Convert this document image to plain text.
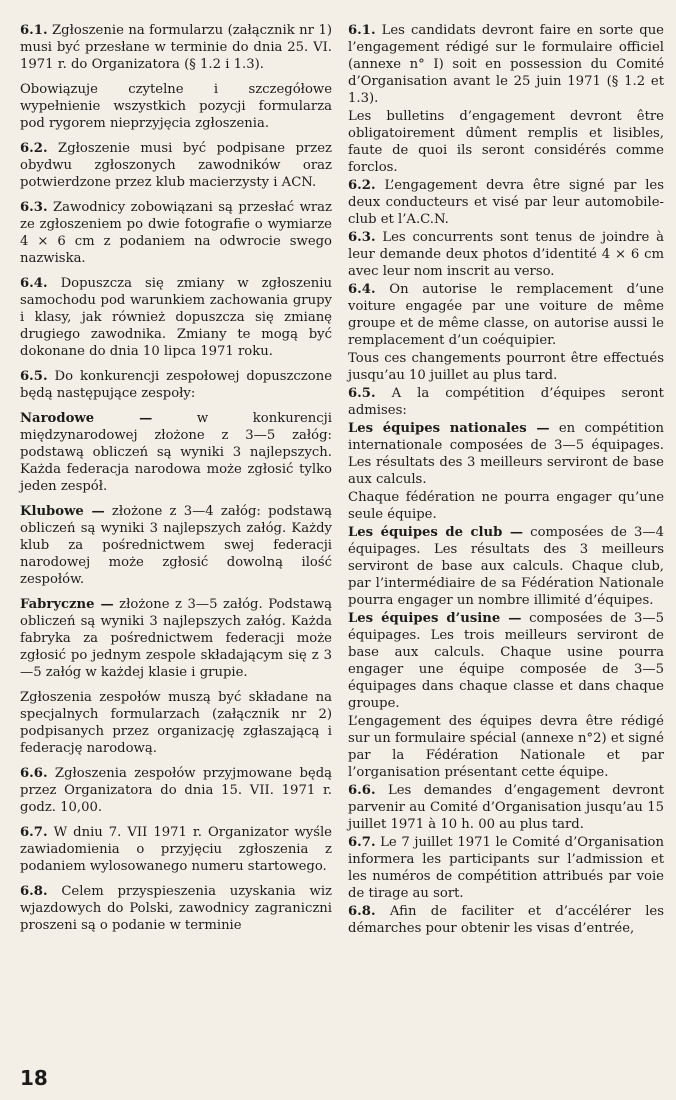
6.1. Zgłoszenie na formularzu (załącznik nr 1) musi być przesłane w terminie do dnia 25. VI. 1971 r. do Organizatora (§ 1.2 i 1.3).

Obowiązuje czytelne i szczegółowe wypełnienie wszystkich pozycji formularza pod rygorem nieprzyjęcia zgłoszenia.

6.2. Zgłoszenie musi być podpisane przez obydwu zgłoszonych zawodników oraz potwierdzone przez klub macierzysty i ACN.

6.3. Zawodnicy zobowiązani są przesłać wraz ze zgłoszeniem po dwie fotografie o wymiarze 4 × 6 cm z podaniem na odwrocie swego nazwiska.

6.4. Dopuszcza się zmiany w zgłoszeniu samochodu pod warunkiem zachowania grupy i klasy, jak również dopuszcza się zmianę drugiego zawodnika. Zmiany te mogą być dokonane do dnia 10 lipca 1971 roku.

6.5. Do konkurencji zespołowej dopuszczone będą następujące zespoły:

Narodowe — w konkurencji międzynarodowej złożone z 3—5 załóg: podstawą obliczeń są wyniki 3 najlepszych. Każda federacja narodowa może zgłosić tylko jeden zespół.

Klubowe — złożone z 3—4 załóg: podstawą obliczeń są wyniki 3 najlepszych załóg. Każdy klub za pośrednictwem swej federacji narodowej może zgłosić dowolną ilość zespołów.

Fabryczne — złożone z 3—5 załóg. Podstawą obliczeń są wyniki 3 najlepszych załóg. Każda fabryka za pośrednictwem federacji może zgłosić po jednym zespole składającym się z 3—5 załóg w każdej klasie i grupie.

Zgłoszenia zespołów muszą być składane na specjalnych formularzach (załącznik nr 2) podpisanych przez organizację zgłaszającą i federację narodową.

6.6. Zgłoszenia zespołów przyjmowane będą przez Organizatora do dnia 15. VII. 1971 r. godz. 10,00.

6.7. W dniu 7. VII 1971 r. Organizator wyśle zawiadomienia o przyjęciu zgłoszenia z podaniem wylosowanego numeru startowego.

6.8. Celem przyspieszenia uzyskania wiz wjazdowych do Polski, zawodnicy zagraniczni proszeni są o podanie w terminie

6.1. Les candidats devront faire en sorte que l’engagement rédigé sur le formulaire officiel (annexe n° I) soit en possession du Comité d’Organisation avant le 25 juin 1971 (§ 1.2 et 1.3).

Les bulletins d’engagement devront être obligatoirement dûment remplis et lisibles, faute de quoi ils seront considérés comme forclos.

6.2. L’engagement devra être signé par les deux conducteurs et visé par leur automobile-club et l’A.C.N.

6.3. Les concurrents sont tenus de joindre à leur demande deux photos d’identité 4 × 6 cm avec leur nom inscrit au verso.

6.4. On autorise le remplacement d’une voiture engagée par une voiture de même groupe et de même classe, on autorise aussi le remplacement d’un coéquipier.

Tous ces changements pourront être effectués jusqu’au 10 juillet au plus tard.

6.5. A la compétition d’équipes seront admises:

Les équipes nationales — en compétition internationale composées de 3—5 équipages. Les résultats des 3 meilleurs serviront de base aux calculs.

Chaque fédération ne pourra engager qu’une seule équipe.

Les équipes de club — composées de 3—4 équipages. Les résultats des 3 meilleurs serviront de base aux calculs. Chaque club, par l’intermédiaire de sa Fédération Nationale pourra engager un nombre illimité d’équipes.

Les équipes d’usine — composées de 3—5 équipages. Les trois meilleurs serviront de base aux calculs. Chaque usine pourra engager une équipe composée de 3—5 équipages dans chaque classe et dans chaque groupe.

L’engagement des équipes devra être rédigé sur un formulaire spécial (annexe n°2) et signé par la Fédération Nationale et par l’organisation présentant cette équipe.

6.6. Les demandes d’engagement devront parvenir au Comité d’Organisation jusqu’au 15 juillet 1971 à 10 h. 00 au plus tard.

6.7. Le 7 juillet 1971 le Comité d’Organisation informera les participants sur l’admission et les numéros de compétition attribués par voie de tirage au sort.

6.8. Afin de faciliter et d’accélérer les démarches pour obtenir les visas d’entrée,

18
